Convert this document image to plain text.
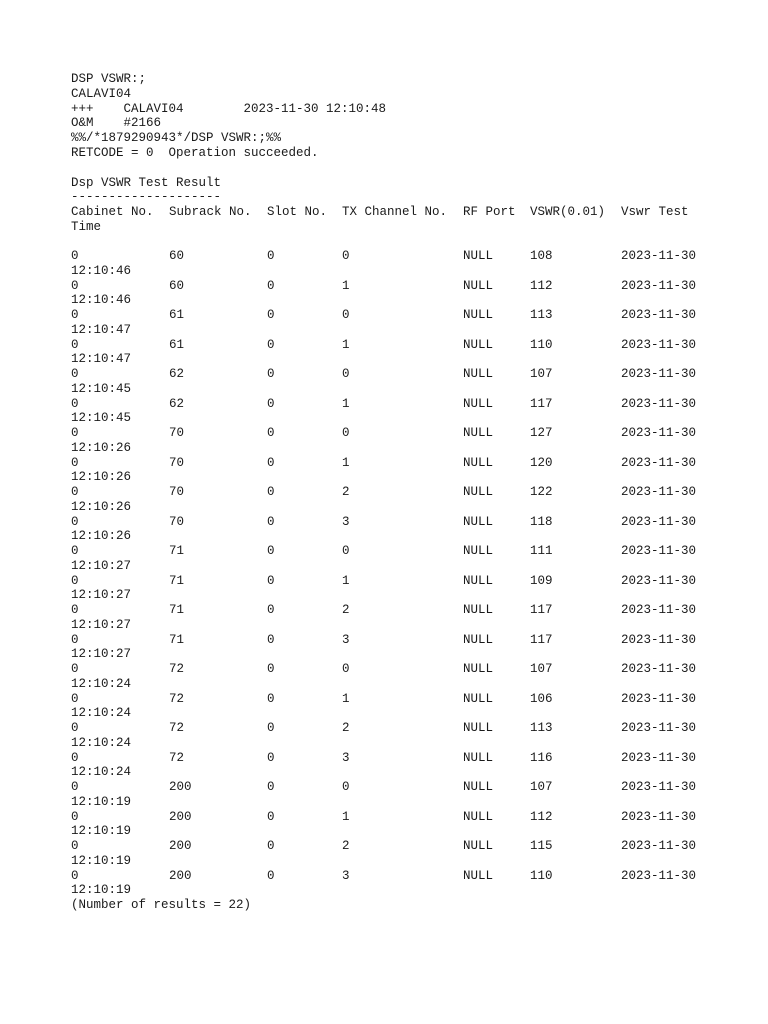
DSP VSWR:;
CALAVI04
+++    CALAVI04        2023-11-30 12:10:48
O&M    #2166
%%/*1879290943*/DSP VSWR:;%%
RETCODE = 0  Operation succeeded.
Dsp VSWR Test Result
--------------------
Cabinet No. Subrack No. Slot No. TX Channel No. RF Port VSWR(0.01) Vswr Test
Time
0	60	0	0	NULL	108	2023-11-30
12:10:46
0	60	0	1	NULL	112	2023-11-30
12:10:46
0	61	0	0	NULL	113	2023-11-30
12:10:47
0	61	0	1	NULL	110	2023-11-30
12:10:47
0	62	0	0	NULL	107	2023-11-30
12:10:45
0	62	0	1	NULL	117	2023-11-30
12:10:45
0	70	0	0	NULL	127	2023-11-30
12:10:26
0	70	0	1	NULL	120	2023-11-30
12:10:26
0	70	0	2	NULL	122	2023-11-30
12:10:26
0	70	0	3	NULL	118	2023-11-30
12:10:26
0	71	0	0	NULL	111	2023-11-30
12:10:27
0	71	0	1	NULL	109	2023-11-30
12:10:27
0	71	0	2	NULL	117	2023-11-30
12:10:27
0	71	0	3	NULL	117	2023-11-30
12:10:27
0	72	0	0	NULL	107	2023-11-30
12:10:24
0	72	0	1	NULL	106	2023-11-30
12:10:24
0	72	0	2	NULL	113	2023-11-30
12:10:24
0	72	0	3	NULL	116	2023-11-30
12:10:24
0	200	0	0	NULL	107	2023-11-30
12:10:19
0	200	0	1	NULL	112	2023-11-30
12:10:19
0	200	0	2	NULL	115	2023-11-30
12:10:19
0	200	0	3	NULL	110	2023-11-30
12:10:19
(Number of results = 22)
